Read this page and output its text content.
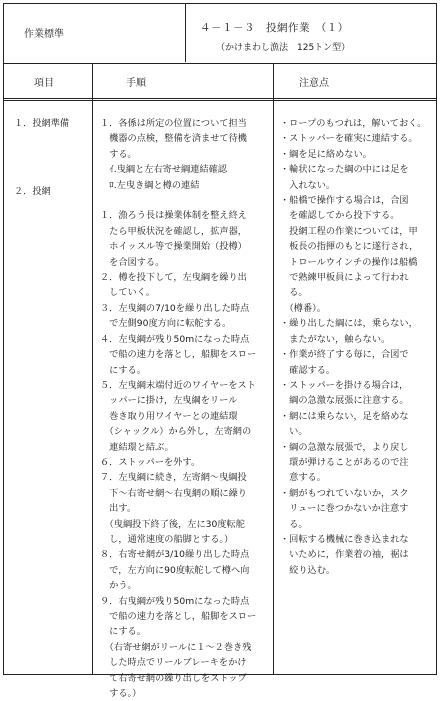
作業標準
４－１－３　投網作業　（１）
（かけまわし漁法　125トン型）
項目	手順	注意点
１．投網準備
２．投網
１．各係は所定の位置について担当
　機器の点検，整備を済ませて待機
　する。
　ｲ.曳綱と左右寄せ綱連結確認
　ﾛ.左曳き綱と樽の連結

１．漁ろう長は操業体制を整え終え
　たら甲板状況を確認し，拡声器，
　ホイッスル等で操業開始（投樽）
　を合図する。
２．樽を投下して，左曳綱を繰り出
　していく。
３．左曳綱の7/10を繰り出した時点
　で左側90度方向に転舵する。
４．左曳綱が残り50mになった時点
　で船の速力を落とし，船脚をスロー
　にする。
５．左曳綱末端付近のワイヤーをスト
　ッパーに掛け，左曳綱をリール
　巻き取り用ワイヤーとの連結環
　（シャックル）から外し，左寄網の
　連結環と結ぶ。
６．ストッパーを外す。
７．左曳綱に続き，左寄網～曳綱投
　下～右寄せ網～右曳網の順に繰り
　出す。
　（曳綱投下終了後，左に30度転舵
　し，通常速度の船脚とする。）
８．右寄せ網が3/10繰り出した時点
　で，左方向に90度転舵して樽へ向
　かう。
９．右曳綱が残り50mになった時点
　で船の速力を落とし，船脚をスロー
　にする。
　（右寄せ網がリールに１～２巻き残
　した時点でリールブレーキをかけ
　て右寄せ網の繰り出しをストップ
　する。）
・ロープのもつれは，解いておく。
・ストッパーを確実に連結する。
・綱を足に絡めない。
・輪状になった綱の中には足を
　入れない。
・船橋で操作する場合は，合図
　を確認してから投下する。
　投網工程の作業については，甲
　板長の指揮のもとに遂行され，
　トロールウインチの操作は船橋
　で熟練甲板員によって行われ
　る。
　（樽番）。
・繰り出した綱には，乗らない，
　またがない，触らない。
・作業が終了する毎に，合図で
　確認する。
・ストッパーを掛ける場合は，
　綱の急激な展張に注意する。
・網には乗らない，足を絡めな
　い。
・綱の急激な展張で，より戻し
　環が弾けることがあるので注
　意する。
・網がもつれていないか，スク
　リューに巻つかないか注意す
　る。
・回転する機械に巻き込まれな
　いために，作業着の袖，裾は
　絞り込む。
